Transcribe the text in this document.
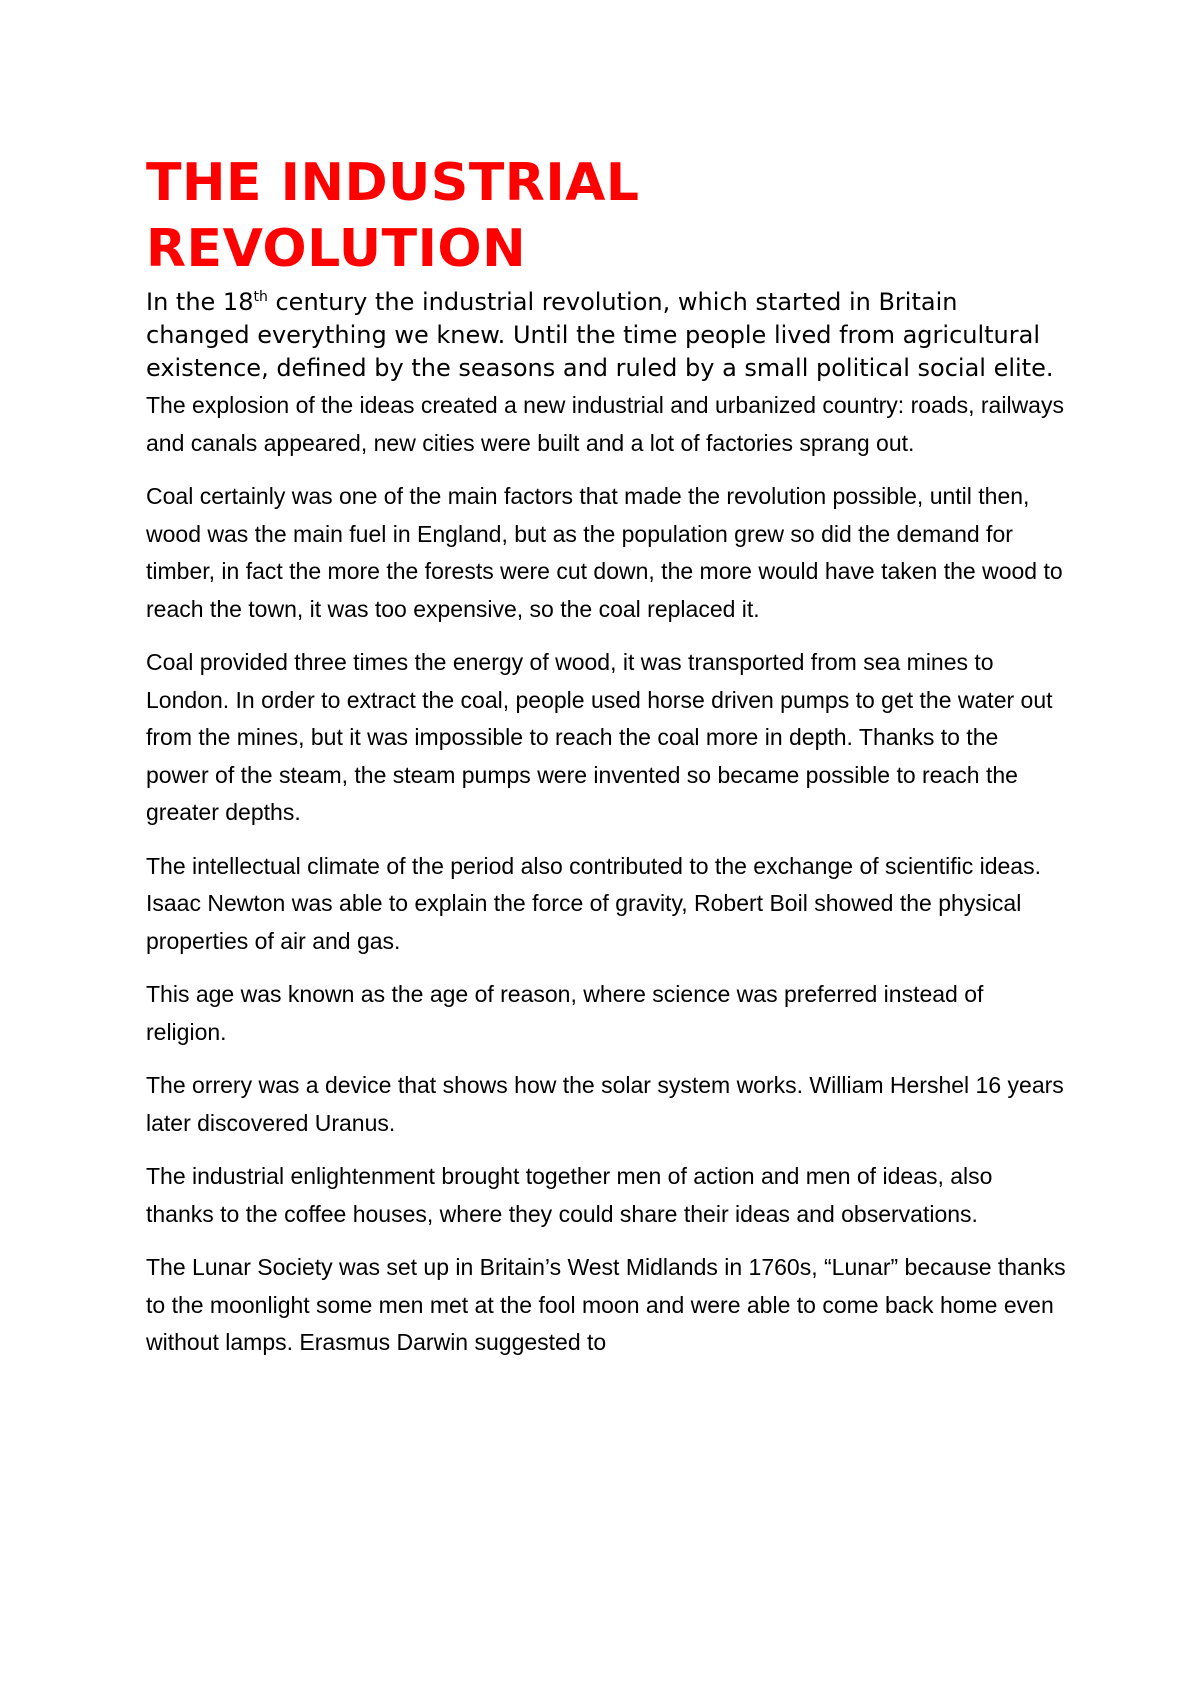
THE INDUSTRIAL
REVOLUTION

In the 18th century the industrial revolution, which started in Britain changed everything we knew. Until the time people lived from agricultural existence, defined by the seasons and ruled by a small political social elite.

The explosion of the ideas created a new industrial and urbanized country: roads, railways and canals appeared, new cities were built and a lot of factories sprang out.

Coal certainly was one of the main factors that made the revolution possible, until then, wood was the main fuel in England, but as the population grew so did the demand for timber, in fact the more the forests were cut down, the more would have taken the wood to reach the town, it was too expensive, so the coal replaced it.

Coal provided three times the energy of wood, it was transported from sea mines to London. In order to extract the coal, people used horse driven pumps to get the water out from the mines, but it was impossible to reach the coal more in depth. Thanks to the power of the steam, the steam pumps were invented so became possible to reach the greater depths.

The intellectual climate of the period also contributed to the exchange of scientific ideas. Isaac Newton was able to explain the force of gravity, Robert Boil showed the physical properties of air and gas.

This age was known as the age of reason, where science was preferred instead of religion.

The orrery was a device that shows how the solar system works. William Hershel 16 years later discovered Uranus.

The industrial enlightenment brought together men of action and men of ideas, also thanks to the coffee houses, where they could share their ideas and observations.

The Lunar Society was set up in Britain’s West Midlands in 1760s, “Lunar” because thanks to the moonlight some men met at the fool moon and were able to come back home even without lamps. Erasmus Darwin suggested to
